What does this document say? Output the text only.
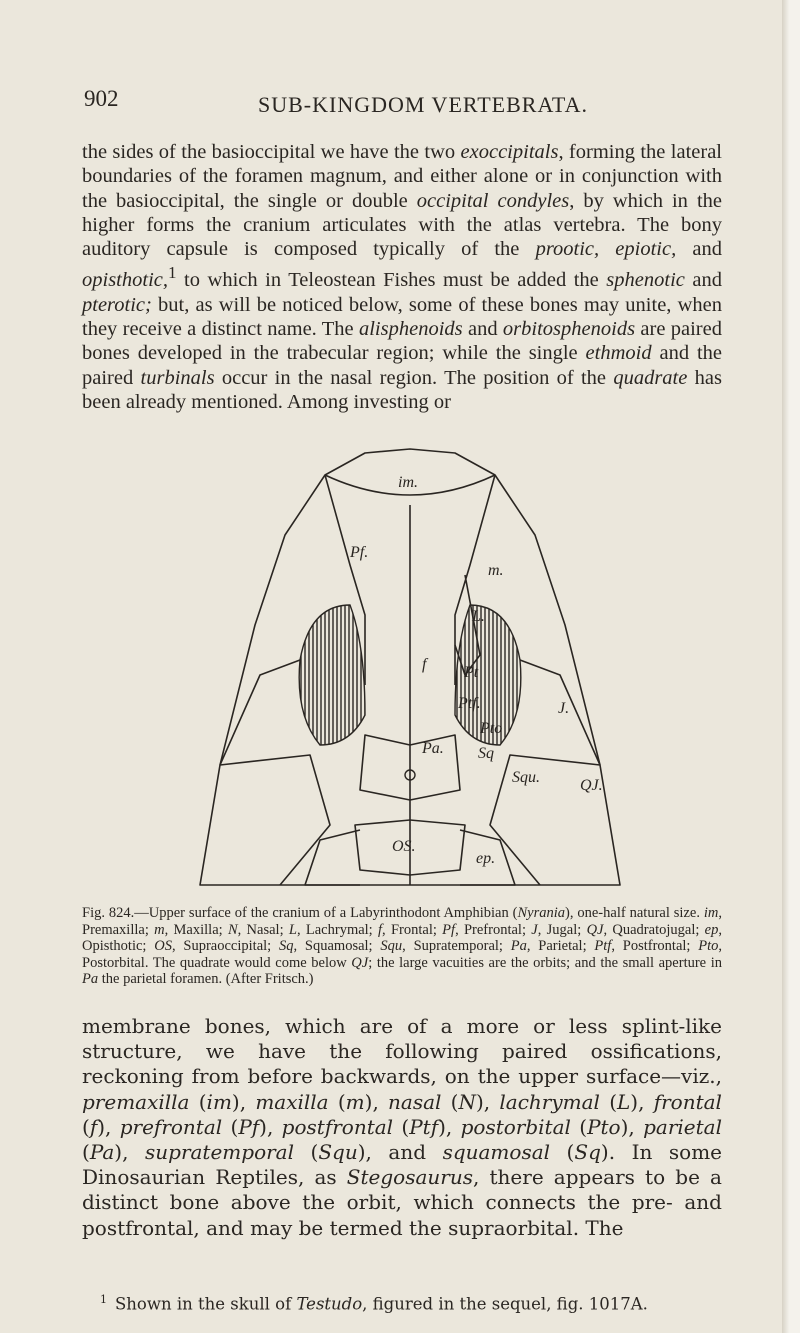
902	SUB-KINGDOM VERTEBRATA.

the sides of the basioccipital we have the two exoccipitals, forming the lateral boundaries of the foramen magnum, and either alone or in conjunction with the basioccipital, the single or double occipital condyles, by which in the higher forms the cranium articulates with the atlas vertebra. The bony auditory capsule is composed typically of the prootic, epiotic, and opisthotic,$^1$ to which in Teleostean Fishes must be added the sphenotic and pterotic; but, as will be noticed below, some of these bones may unite, when they receive a distinct name. The alisphenoids and orbitosphenoids are paired bones developed in the trabecular region; while the single ethmoid and the paired turbinals occur in the nasal region. The position of the quadrate has been already mentioned. Among investing or

im.
Pf.
m.
L.
f Pt
Ptf.	J.
Pto
Sq
Pa.
Squ.	QJ.
OS.
ep.

Fig. 824.—Upper surface of the cranium of a Labyrinthodont Amphibian (Nyrania), one-half natural size. im, Premaxilla; m, Maxilla; N, Nasal; L, Lachrymal; f, Frontal; Pf, Prefrontal; J, Jugal; QJ, Quadratojugal; ep, Opisthotic; OS, Supraoccipital; Sq, Squamosal; Squ, Supratemporal; Pa, Parietal; Ptf, Postfrontal; Pto, Postorbital. The quadrate would come below QJ; the large vacuities are the orbits; and the small aperture in Pa the parietal foramen. (After Fritsch.)

membrane bones, which are of a more or less splint-like structure, we have the following paired ossifications, reckoning from before backwards, on the upper surface—viz., premaxilla (im), maxilla (m), nasal (N), lachrymal (L), frontal (f), prefrontal (Pf), postfrontal (Ptf), postorbital (Pto), parietal (Pa), supratemporal (Squ), and squamosal (Sq). In some Dinosaurian Reptiles, as Stegosaurus, there appears to be a distinct bone above the orbit, which connects the pre- and postfrontal, and may be termed the supraorbital. The

$^1$ Shown in the skull of Testudo, figured in the sequel, fig. 1017A.
